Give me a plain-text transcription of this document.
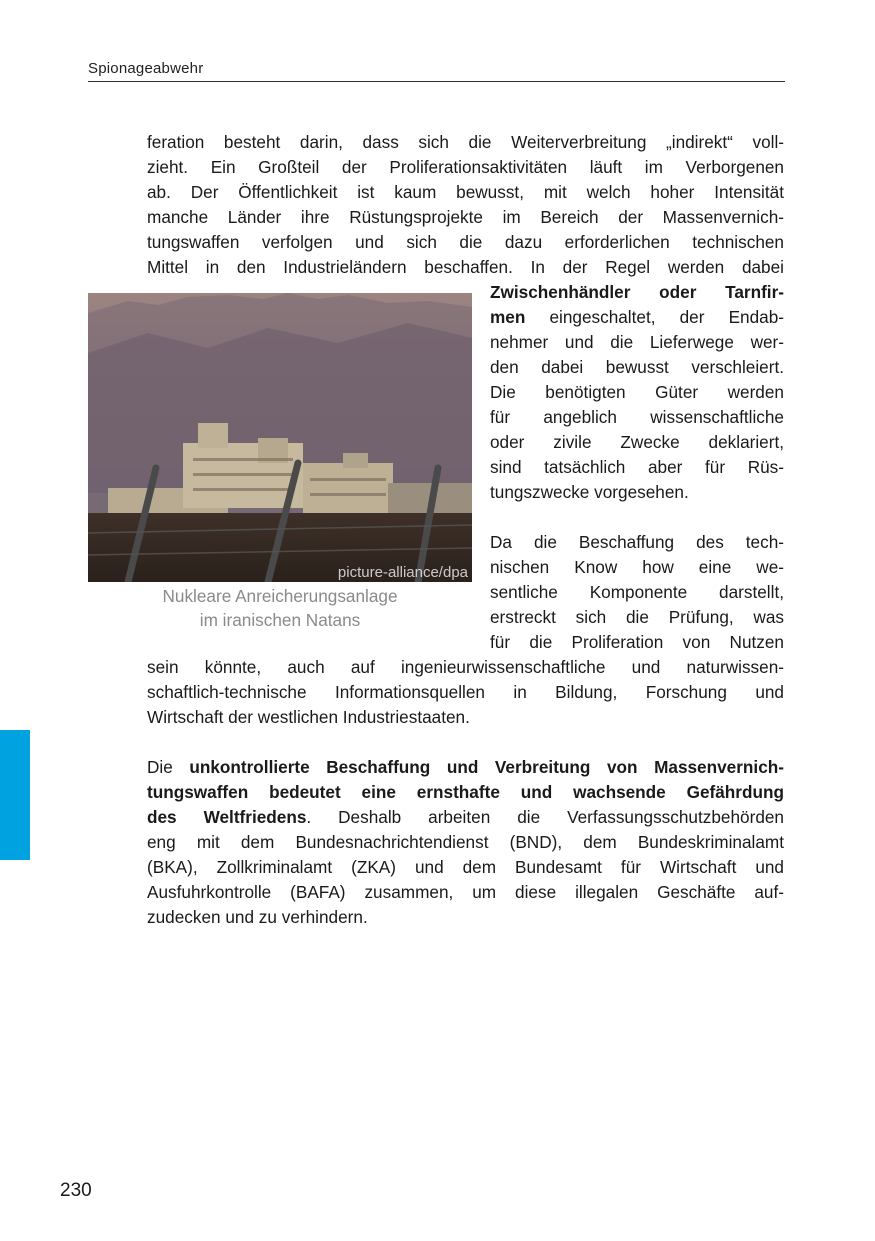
Spionageabwehr
feration besteht darin, dass sich die Weiterverbreitung „indirekt“ voll-
zieht. Ein Großteil der Proliferationsaktivitäten läuft im Verborgenen
ab. Der Öffentlichkeit ist kaum bewusst, mit welch hoher Intensität
manche Länder ihre Rüstungsprojekte im Bereich der Massenvernich-
tungswaffen verfolgen und sich die dazu erforderlichen technischen
Mittel in den Industrieländern beschaffen. In der Regel werden dabei
Zwischenhändler oder Tarnfir-
men eingeschaltet, der Endab-
nehmer und die Lieferwege wer-
den dabei bewusst verschleiert.
Die benötigten Güter werden
für angeblich wissenschaftliche
oder zivile Zwecke deklariert,
sind tatsächlich aber für Rüs-
tungszwecke vorgesehen.
Da die Beschaffung des tech-
nischen Know how eine we-
sentliche Komponente darstellt,
erstreckt sich die Prüfung, was
für die Proliferation von Nutzen
sein könnte, auch auf ingenieurwissenschaftliche und naturwissen-
schaftlich-technische Informationsquellen in Bildung, Forschung und
Wirtschaft der westlichen Industriestaaten.
Die unkontrollierte Beschaffung und Verbreitung von Massenvernich-
tungswaffen bedeutet eine ernsthafte und wachsende Gefährdung
des Weltfriedens. Deshalb arbeiten die Verfassungsschutzbehörden
eng mit dem Bundesnachrichtendienst (BND), dem Bundeskriminalamt
(BKA), Zollkriminalamt (ZKA) und dem Bundesamt für Wirtschaft und
Ausfuhrkontrolle (BAFA) zusammen, um diese illegalen Geschäfte auf-
zudecken und zu verhindern.
picture-alliance/dpa
Nukleare Anreicherungsanlage
im iranischen Natans
230
